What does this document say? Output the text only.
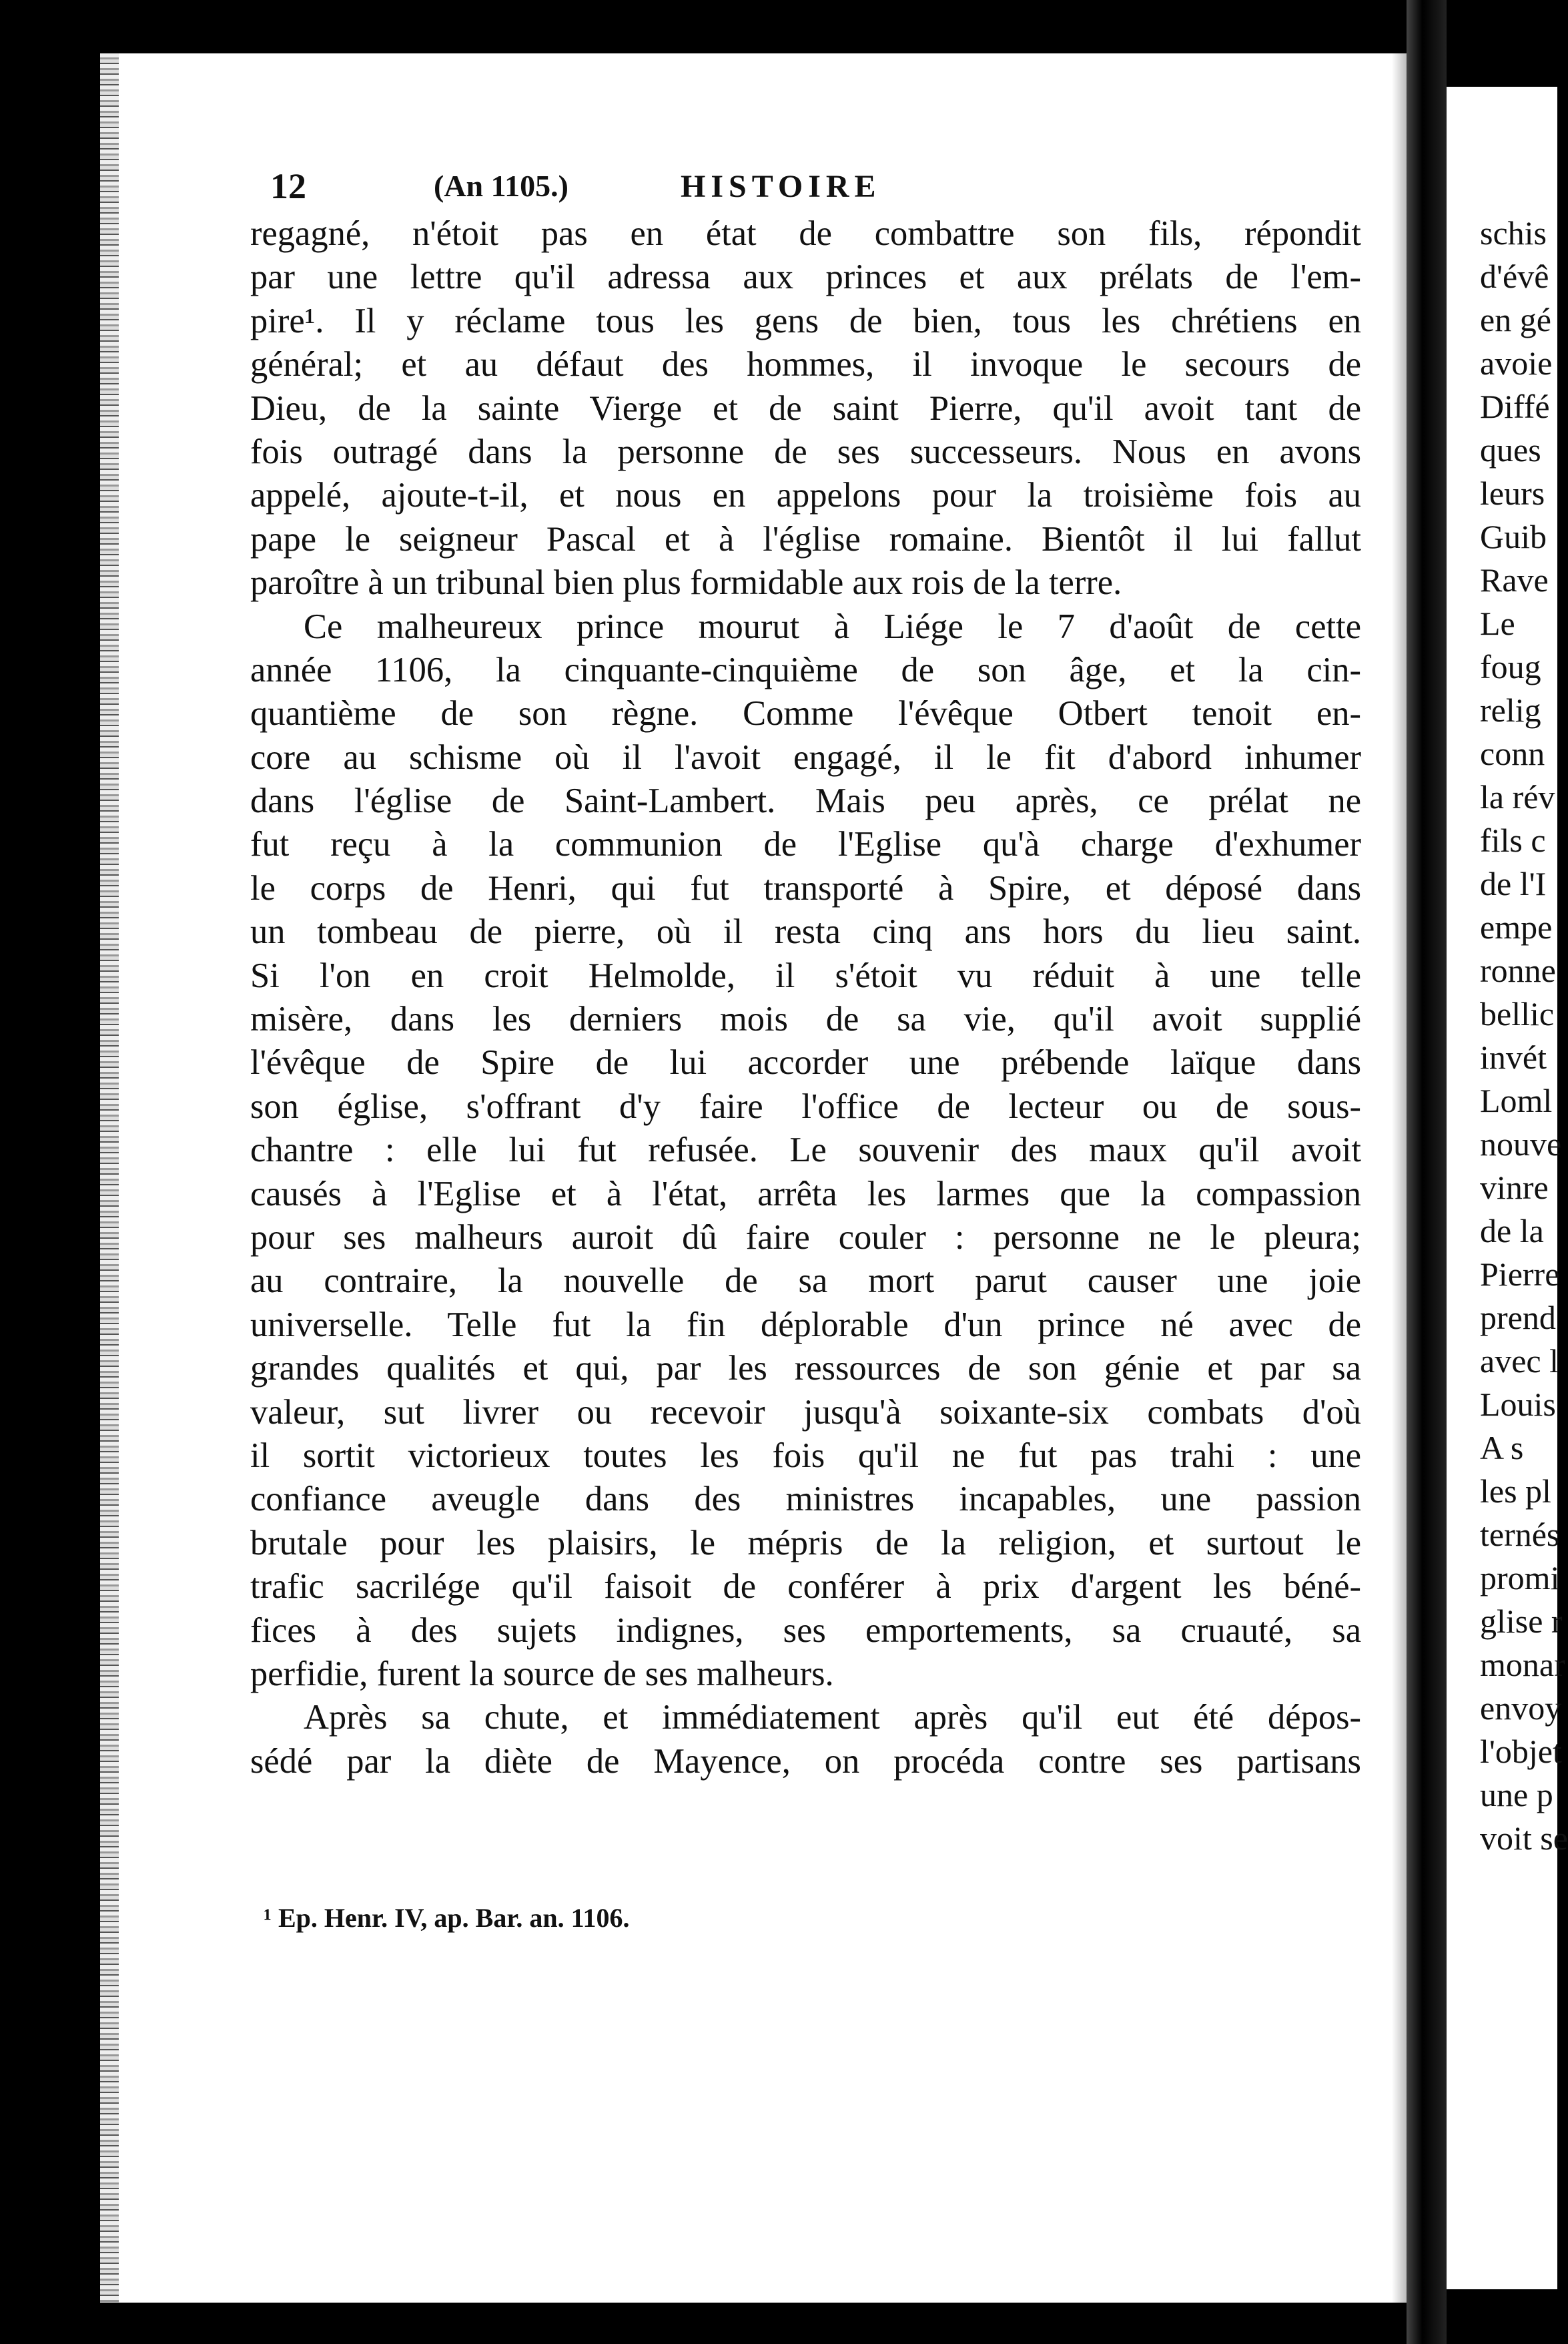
12	(An 1105.)	HISTOIRE
regagné, n'étoit pas en état de combattre son fils, répondit
par une lettre qu'il adressa aux princes et aux prélats de l'em-
pire¹. Il y réclame tous les gens de bien, tous les chrétiens en
général; et au défaut des hommes, il invoque le secours de
Dieu, de la sainte Vierge et de saint Pierre, qu'il avoit tant de
fois outragé dans la personne de ses successeurs. Nous en avons
appelé, ajoute-t-il, et nous en appelons pour la troisième fois au
pape le seigneur Pascal et à l'église romaine. Bientôt il lui fallut
paroître à un tribunal bien plus formidable aux rois de la terre.
Ce malheureux prince mourut à Liége le 7 d'août de cette
année 1106, la cinquante-cinquième de son âge, et la cin-
quantième de son règne. Comme l'évêque Otbert tenoit en-
core au schisme où il l'avoit engagé, il le fit d'abord inhumer
dans l'église de Saint-Lambert. Mais peu après, ce prélat ne
fut reçu à la communion de l'Eglise qu'à charge d'exhumer
le corps de Henri, qui fut transporté à Spire, et déposé dans
un tombeau de pierre, où il resta cinq ans hors du lieu saint.
Si l'on en croit Helmolde, il s'étoit vu réduit à une telle
misère, dans les derniers mois de sa vie, qu'il avoit supplié
l'évêque de Spire de lui accorder une prébende laïque dans
son église, s'offrant d'y faire l'office de lecteur ou de sous-
chantre : elle lui fut refusée. Le souvenir des maux qu'il avoit
causés à l'Eglise et à l'état, arrêta les larmes que la compassion
pour ses malheurs auroit dû faire couler : personne ne le pleura;
au contraire, la nouvelle de sa mort parut causer une joie
universelle. Telle fut la fin déplorable d'un prince né avec de
grandes qualités et qui, par les ressources de son génie et par sa
valeur, sut livrer ou recevoir jusqu'à soixante-six combats d'où
il sortit victorieux toutes les fois qu'il ne fut pas trahi : une
confiance aveugle dans des ministres incapables, une passion
brutale pour les plaisirs, le mépris de la religion, et surtout le
trafic sacrilége qu'il faisoit de conférer à prix d'argent les béné-
fices à des sujets indignes, ses emportements, sa cruauté, sa
perfidie, furent la source de ses malheurs.
Après sa chute, et immédiatement après qu'il eut été dépos-
sédé par la diète de Mayence, on procéda contre ses partisans
¹ Ep. Henr. IV, ap. Bar. an. 1106.
schis
d'évê
en gé
avoie
Diffé
ques
leurs
Guib
Rave
Le
foug
relig
conn
la rév
fils c
de l'I
empe
ronne
bellic
invét
Loml
nouve
vinre
de la
Pierre
prend
avec l
Louis
A s
les pl
ternés
promi
glise r
monar
envoy
l'objet
une p
voit se
